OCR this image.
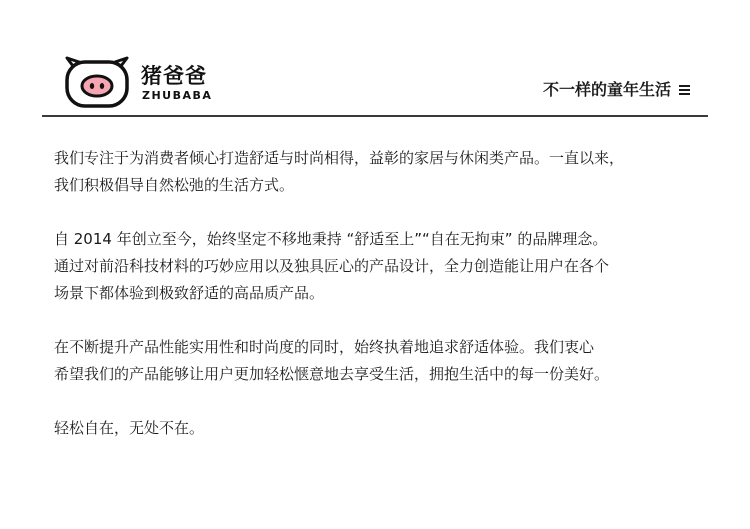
猪爸爸
ZHUBABA	不一样的童年生活

我们专注于为消费者倾心打造舒适与时尚相得，益彰的家居与休闲类产品。一直以来，
我们积极倡导自然松弛的生活方式。

自 2014 年创立至今，始终坚定不移地秉持 “舒适至上”“自在无拘束” 的品牌理念。
通过对前沿科技材料的巧妙应用以及独具匠心的产品设计，全力创造能让用户在各个
场景下都体验到极致舒适的高品质产品。

在不断提升产品性能实用性和时尚度的同时，始终执着地追求舒适体验。我们衷心
希望我们的产品能够让用户更加轻松惬意地去享受生活，拥抱生活中的每一份美好。

轻松自在，无处不在。
